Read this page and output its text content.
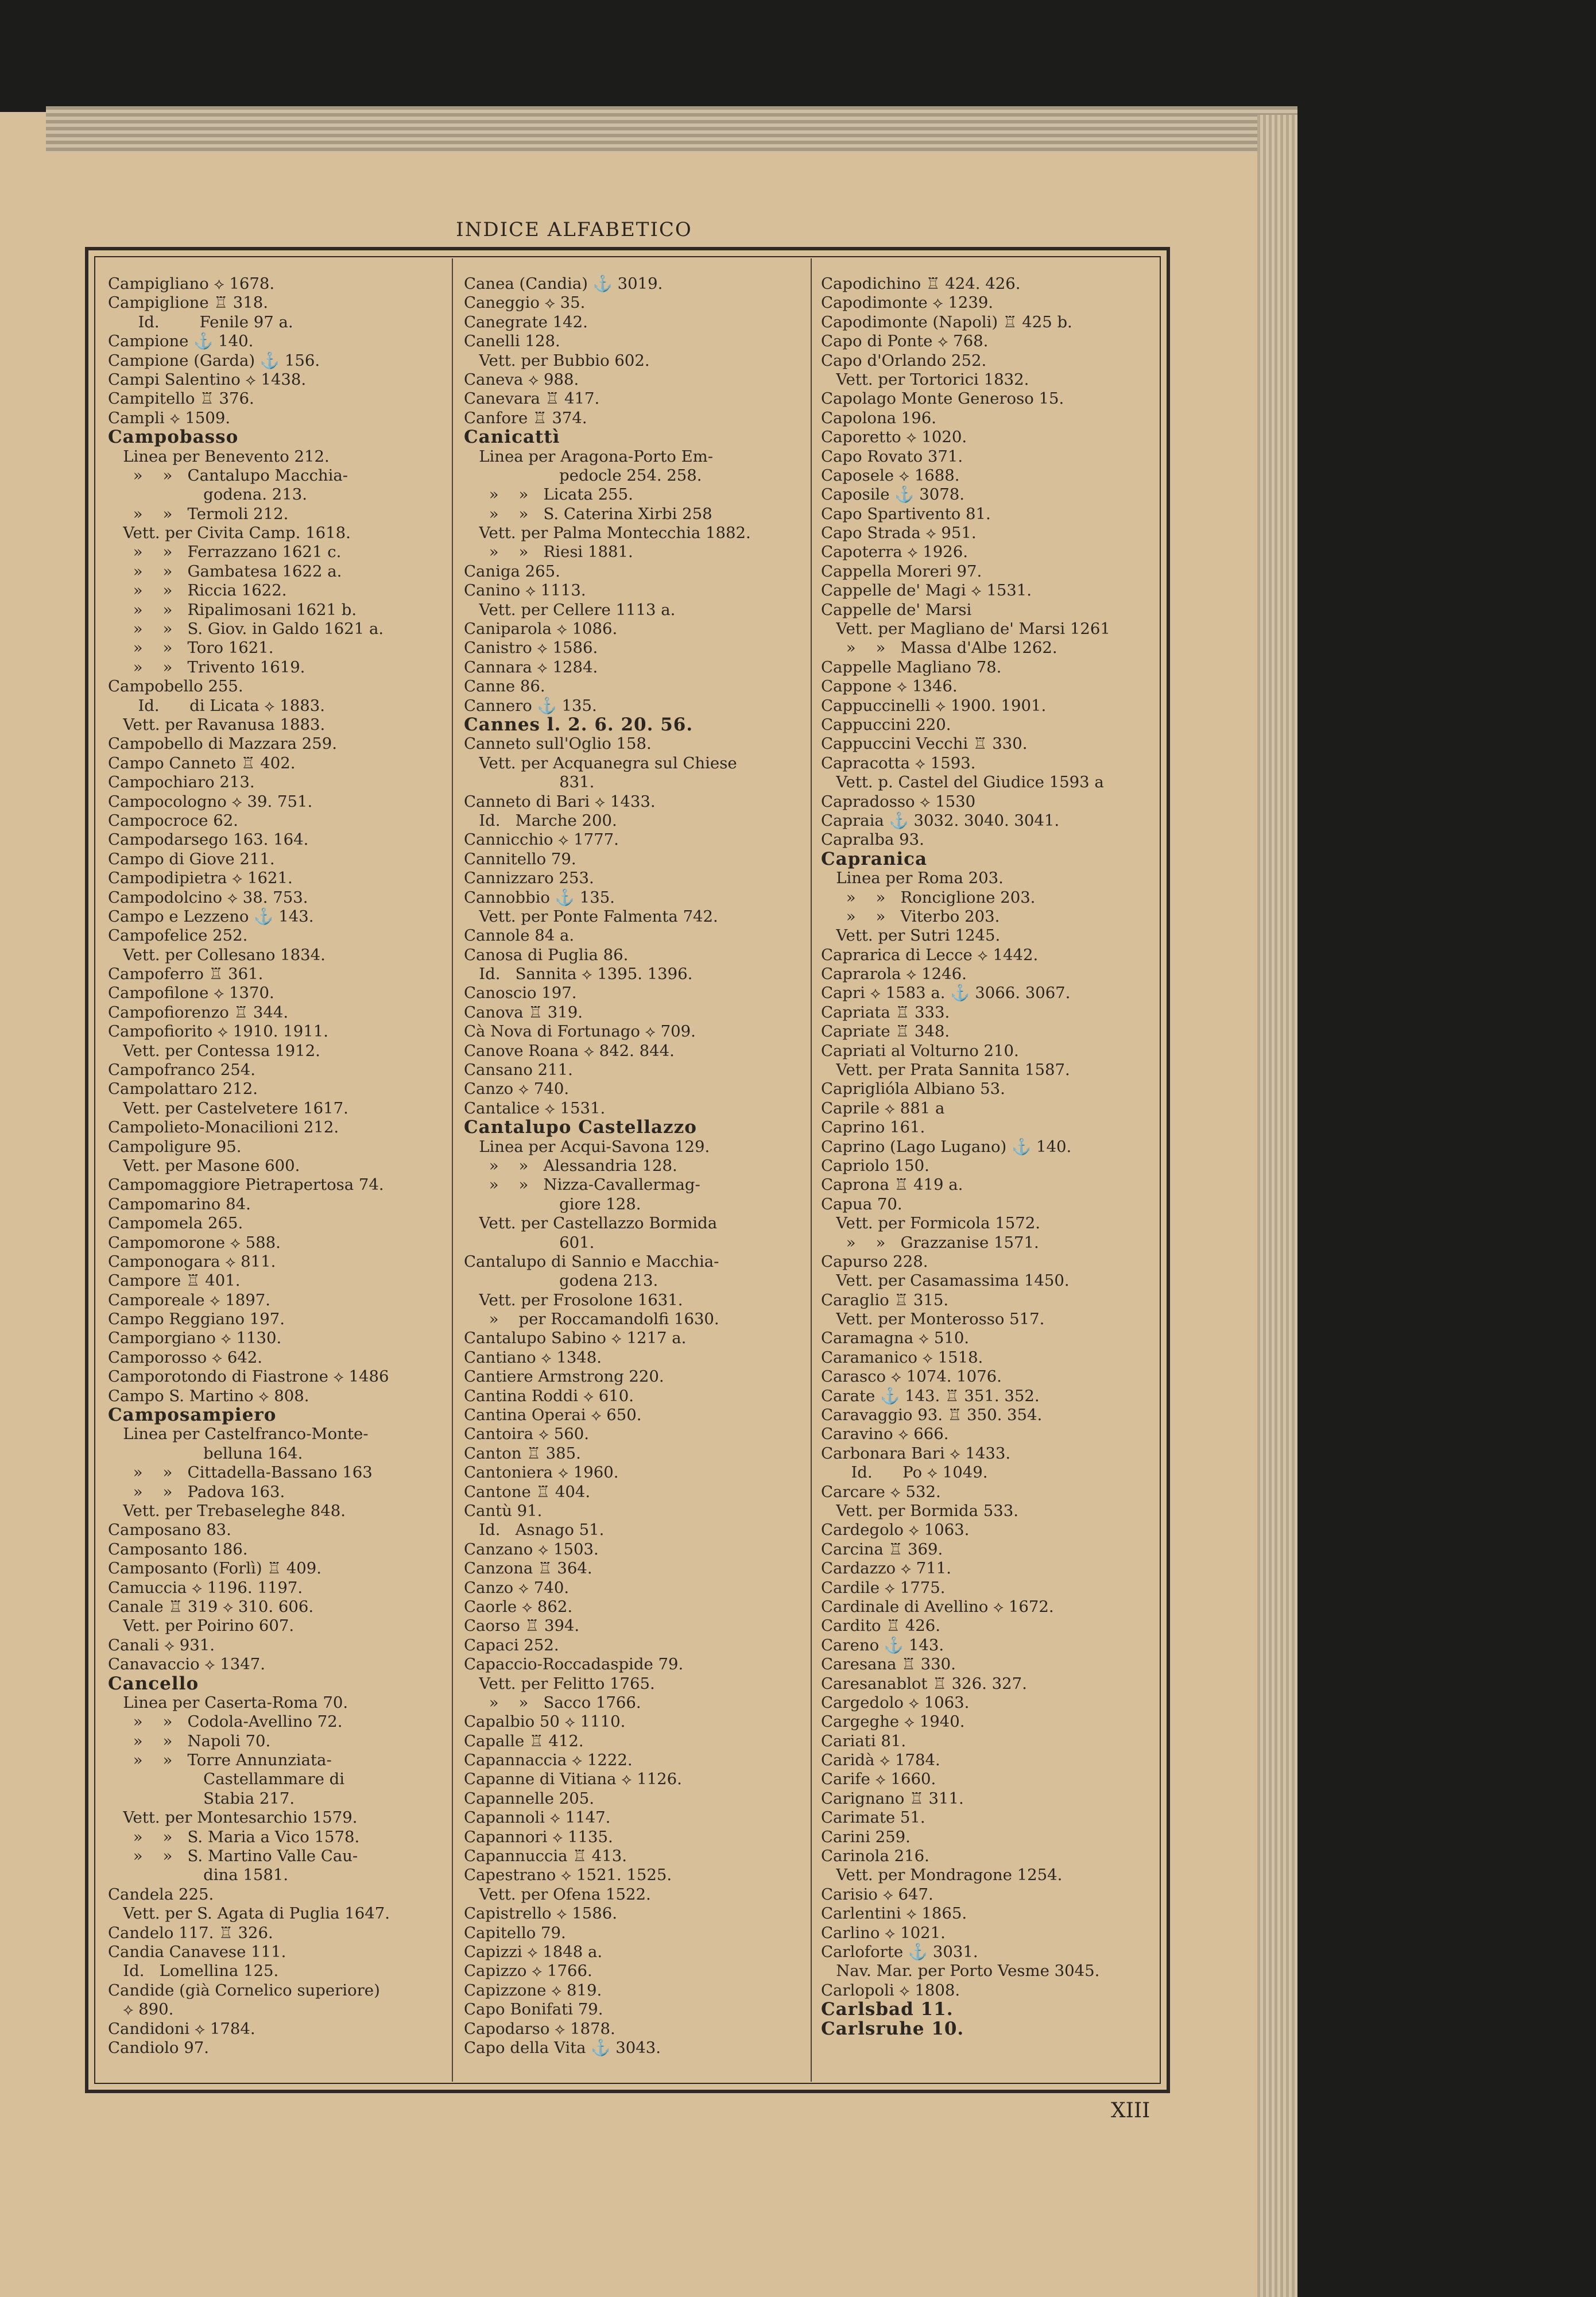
INDICE ALFABETICO
Campigliano ⟡ 1678.
Campiglione ♖ 318.
Id.        Fenile 97 a.
Campione ⚓ 140.
Campione (Garda) ⚓ 156.
Campi Salentino ⟡ 1438.
Campitello ♖ 376.
Campli ⟡ 1509.
Campobasso
Linea per Benevento 212.
»    »   Cantalupo Macchia-
godena. 213.
»    »   Termoli 212.
Vett. per Civita Camp. 1618.
»    »   Ferrazzano 1621 c.
»    »   Gambatesa 1622 a.
»    »   Riccia 1622.
»    »   Ripalimosani 1621 b.
»    »   S. Giov. in Galdo 1621 a.
»    »   Toro 1621.
»    »   Trivento 1619.
Campobello 255.
Id.      di Licata ⟡ 1883.
Vett. per Ravanusa 1883.
Campobello di Mazzara 259.
Campo Canneto ♖ 402.
Campochiaro 213.
Campocologno ⟡ 39. 751.
Campocroce 62.
Campodarsego 163. 164.
Campo di Giove 211.
Campodipietra ⟡ 1621.
Campodolcino ⟡ 38. 753.
Campo e Lezzeno ⚓ 143.
Campofelice 252.
Vett. per Collesano 1834.
Campoferro ♖ 361.
Campofilone ⟡ 1370.
Campofiorenzo ♖ 344.
Campofiorito ⟡ 1910. 1911.
Vett. per Contessa 1912.
Campofranco 254.
Campolattaro 212.
Vett. per Castelvetere 1617.
Campolieto-Monacilioni 212.
Campoligure 95.
Vett. per Masone 600.
Campomaggiore Pietrapertosa 74.
Campomarino 84.
Campomela 265.
Campomorone ⟡ 588.
Camponogara ⟡ 811.
Campore ♖ 401.
Camporeale ⟡ 1897.
Campo Reggiano 197.
Camporgiano ⟡ 1130.
Camporosso ⟡ 642.
Camporotondo di Fiastrone ⟡ 1486
Campo S. Martino ⟡ 808.
Camposampiero
Linea per Castelfranco-Monte-
belluna 164.
»    »   Cittadella-Bassano 163
»    »   Padova 163.
Vett. per Trebaseleghe 848.
Camposano 83.
Camposanto 186.
Camposanto (Forlì) ♖ 409.
Camuccia ⟡ 1196. 1197.
Canale ♖ 319 ⟡ 310. 606.
Vett. per Poirino 607.
Canali ⟡ 931.
Canavaccio ⟡ 1347.
Cancello
Linea per Caserta-Roma 70.
»    »   Codola-Avellino 72.
»    »   Napoli 70.
»    »   Torre Annunziata-
Castellammare di
Stabia 217.
Vett. per Montesarchio 1579.
»    »   S. Maria a Vico 1578.
»    »   S. Martino Valle Cau-
dina 1581.
Candela 225.
Vett. per S. Agata di Puglia 1647.
Candelo 117. ♖ 326.
Candia Canavese 111.
Id.   Lomellina 125.
Candide (già Cornelico superiore)
⟡ 890.
Candidoni ⟡ 1784.
Candiolo 97.
Canea (Candia) ⚓ 3019.
Caneggio ⟡ 35.
Canegrate 142.
Canelli 128.
Vett. per Bubbio 602.
Caneva ⟡ 988.
Canevara ♖ 417.
Canfore ♖ 374.
Canicattì
Linea per Aragona-Porto Em-
pedocle 254. 258.
»    »   Licata 255.
»    »   S. Caterina Xirbi 258
Vett. per Palma Montecchia 1882.
»    »   Riesi 1881.
Caniga 265.
Canino ⟡ 1113.
Vett. per Cellere 1113 a.
Caniparola ⟡ 1086.
Canistro ⟡ 1586.
Cannara ⟡ 1284.
Canne 86.
Cannero ⚓ 135.
Cannes l. 2. 6. 20. 56.
Canneto sull'Oglio 158.
Vett. per Acquanegra sul Chiese
831.
Canneto di Bari ⟡ 1433.
Id.   Marche 200.
Cannicchio ⟡ 1777.
Cannitello 79.
Cannizzaro 253.
Cannobbio ⚓ 135.
Vett. per Ponte Falmenta 742.
Cannole 84 a.
Canosa di Puglia 86.
Id.   Sannita ⟡ 1395. 1396.
Canoscio 197.
Canova ♖ 319.
Cà Nova di Fortunago ⟡ 709.
Canove Roana ⟡ 842. 844.
Cansano 211.
Canzo ⟡ 740.
Cantalice ⟡ 1531.
Cantalupo Castellazzo
Linea per Acqui-Savona 129.
»    »   Alessandria 128.
»    »   Nizza-Cavallermag-
giore 128.
Vett. per Castellazzo Bormida
601.
Cantalupo di Sannio e Macchia-
godena 213.
Vett. per Frosolone 1631.
»    per Roccamandolfi 1630.
Cantalupo Sabino ⟡ 1217 a.
Cantiano ⟡ 1348.
Cantiere Armstrong 220.
Cantina Roddi ⟡ 610.
Cantina Operai ⟡ 650.
Cantoira ⟡ 560.
Canton ♖ 385.
Cantoniera ⟡ 1960.
Cantone ♖ 404.
Cantù 91.
Id.   Asnago 51.
Canzano ⟡ 1503.
Canzona ♖ 364.
Canzo ⟡ 740.
Caorle ⟡ 862.
Caorso ♖ 394.
Capaci 252.
Capaccio-Roccadaspide 79.
Vett. per Felitto 1765.
»    »   Sacco 1766.
Capalbio 50 ⟡ 1110.
Capalle ♖ 412.
Capannaccia ⟡ 1222.
Capanne di Vitiana ⟡ 1126.
Capannelle 205.
Capannoli ⟡ 1147.
Capannori ⟡ 1135.
Capannuccia ♖ 413.
Capestrano ⟡ 1521. 1525.
Vett. per Ofena 1522.
Capistrello ⟡ 1586.
Capitello 79.
Capizzi ⟡ 1848 a.
Capizzo ⟡ 1766.
Capizzone ⟡ 819.
Capo Bonifati 79.
Capodarso ⟡ 1878.
Capo della Vita ⚓ 3043.
Capodichino ♖ 424. 426.
Capodimonte ⟡ 1239.
Capodimonte (Napoli) ♖ 425 b.
Capo di Ponte ⟡ 768.
Capo d'Orlando 252.
Vett. per Tortorici 1832.
Capolago Monte Generoso 15.
Capolona 196.
Caporetto ⟡ 1020.
Capo Rovato 371.
Caposele ⟡ 1688.
Caposile ⚓ 3078.
Capo Spartivento 81.
Capo Strada ⟡ 951.
Capoterra ⟡ 1926.
Cappella Moreri 97.
Cappelle de' Magi ⟡ 1531.
Cappelle de' Marsi
Vett. per Magliano de' Marsi 1261
»    »   Massa d'Albe 1262.
Cappelle Magliano 78.
Cappone ⟡ 1346.
Cappuccinelli ⟡ 1900. 1901.
Cappuccini 220.
Cappuccini Vecchi ♖ 330.
Capracotta ⟡ 1593.
Vett. p. Castel del Giudice 1593 a
Capradosso ⟡ 1530
Capraia ⚓ 3032. 3040. 3041.
Capralba 93.
Capranica
Linea per Roma 203.
»    »   Ronciglione 203.
»    »   Viterbo 203.
Vett. per Sutri 1245.
Caprarica di Lecce ⟡ 1442.
Caprarola ⟡ 1246.
Capri ⟡ 1583 a. ⚓ 3066. 3067.
Capriata ♖ 333.
Capriate ♖ 348.
Capriati al Volturno 210.
Vett. per Prata Sannita 1587.
Capriglióla Albiano 53.
Caprile ⟡ 881 a
Caprino 161.
Caprino (Lago Lugano) ⚓ 140.
Capriolo 150.
Caprona ♖ 419 a.
Capua 70.
Vett. per Formicola 1572.
»    »   Grazzanise 1571.
Capurso 228.
Vett. per Casamassima 1450.
Caraglio ♖ 315.
Vett. per Monterosso 517.
Caramagna ⟡ 510.
Caramanico ⟡ 1518.
Carasco ⟡ 1074. 1076.
Carate ⚓ 143. ♖ 351. 352.
Caravaggio 93. ♖ 350. 354.
Caravino ⟡ 666.
Carbonara Bari ⟡ 1433.
Id.      Po ⟡ 1049.
Carcare ⟡ 532.
Vett. per Bormida 533.
Cardegolo ⟡ 1063.
Carcina ♖ 369.
Cardazzo ⟡ 711.
Cardile ⟡ 1775.
Cardinale di Avellino ⟡ 1672.
Cardito ♖ 426.
Careno ⚓ 143.
Caresana ♖ 330.
Caresanablot ♖ 326. 327.
Cargedolo ⟡ 1063.
Cargeghe ⟡ 1940.
Cariati 81.
Caridà ⟡ 1784.
Carife ⟡ 1660.
Carignano ♖ 311.
Carimate 51.
Carini 259.
Carinola 216.
Vett. per Mondragone 1254.
Carisio ⟡ 647.
Carlentini ⟡ 1865.
Carlino ⟡ 1021.
Carloforte ⚓ 3031.
Nav. Mar. per Porto Vesme 3045.
Carlopoli ⟡ 1808.
Carlsbad 11.
Carlsruhe 10.
XIII
